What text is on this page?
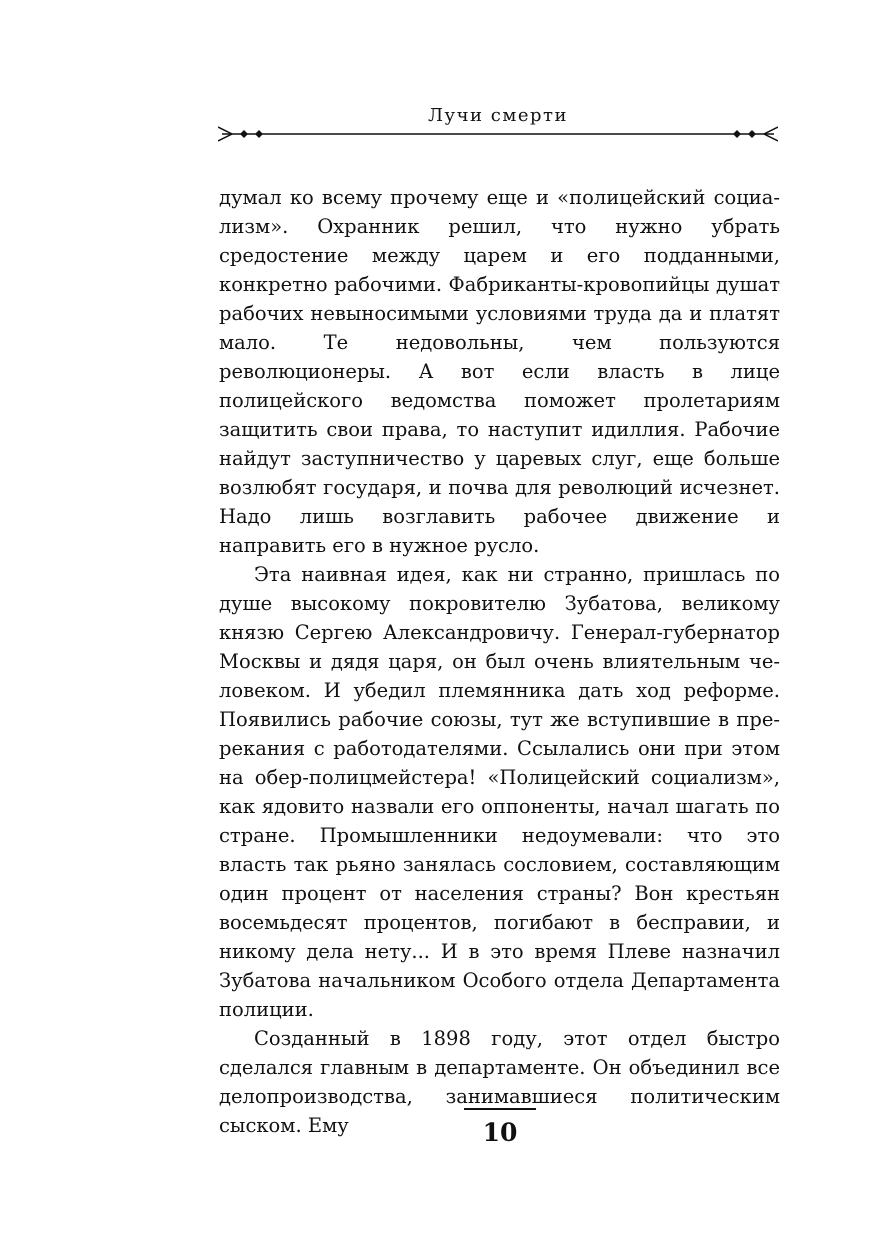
Лучи смерти

думал ко всему прочему еще и «полицейский социализм». Охранник решил, что нужно убрать средостение между царем и его подданными, конкретно рабочими. Фабриканты-кровопийцы душат рабочих невыносимыми условиями труда да и платят мало. Те недовольны, чем пользуются революционеры. А вот если власть в лице полицейского ведомства поможет пролетариям защитить свои права, то наступит идиллия. Рабочие найдут заступничество у царевых слуг, еще больше возлюбят государя, и почва для революций исчезнет. Надо лишь возглавить рабочее движение и направить его в нужное русло.

Эта наивная идея, как ни странно, пришлась по душе высокому покровителю Зубатова, великому князю Сергею Александровичу. Генерал-губернатор Москвы и дядя царя, он был очень влиятельным человеком. И убедил племянника дать ход реформе. Появились рабочие союзы, тут же вступившие в пререкания с работодателями. Ссылались они при этом на обер-полицмейстера! «Полицейский социализм», как ядовито назвали его оппоненты, начал шагать по стране. Промышленники недоумевали: что это власть так рьяно занялась сословием, составляющим один процент от населения страны? Вон крестьян восемьдесят процентов, погибают в бесправии, и никому дела нету... И в это время Плеве назначил Зубатова начальником Особого отдела Департамента полиции.

Созданный в 1898 году, этот отдел быстро сделался главным в департаменте. Он объединил все делопроизводства, занимавшиеся политическим сыском. Ему	10
